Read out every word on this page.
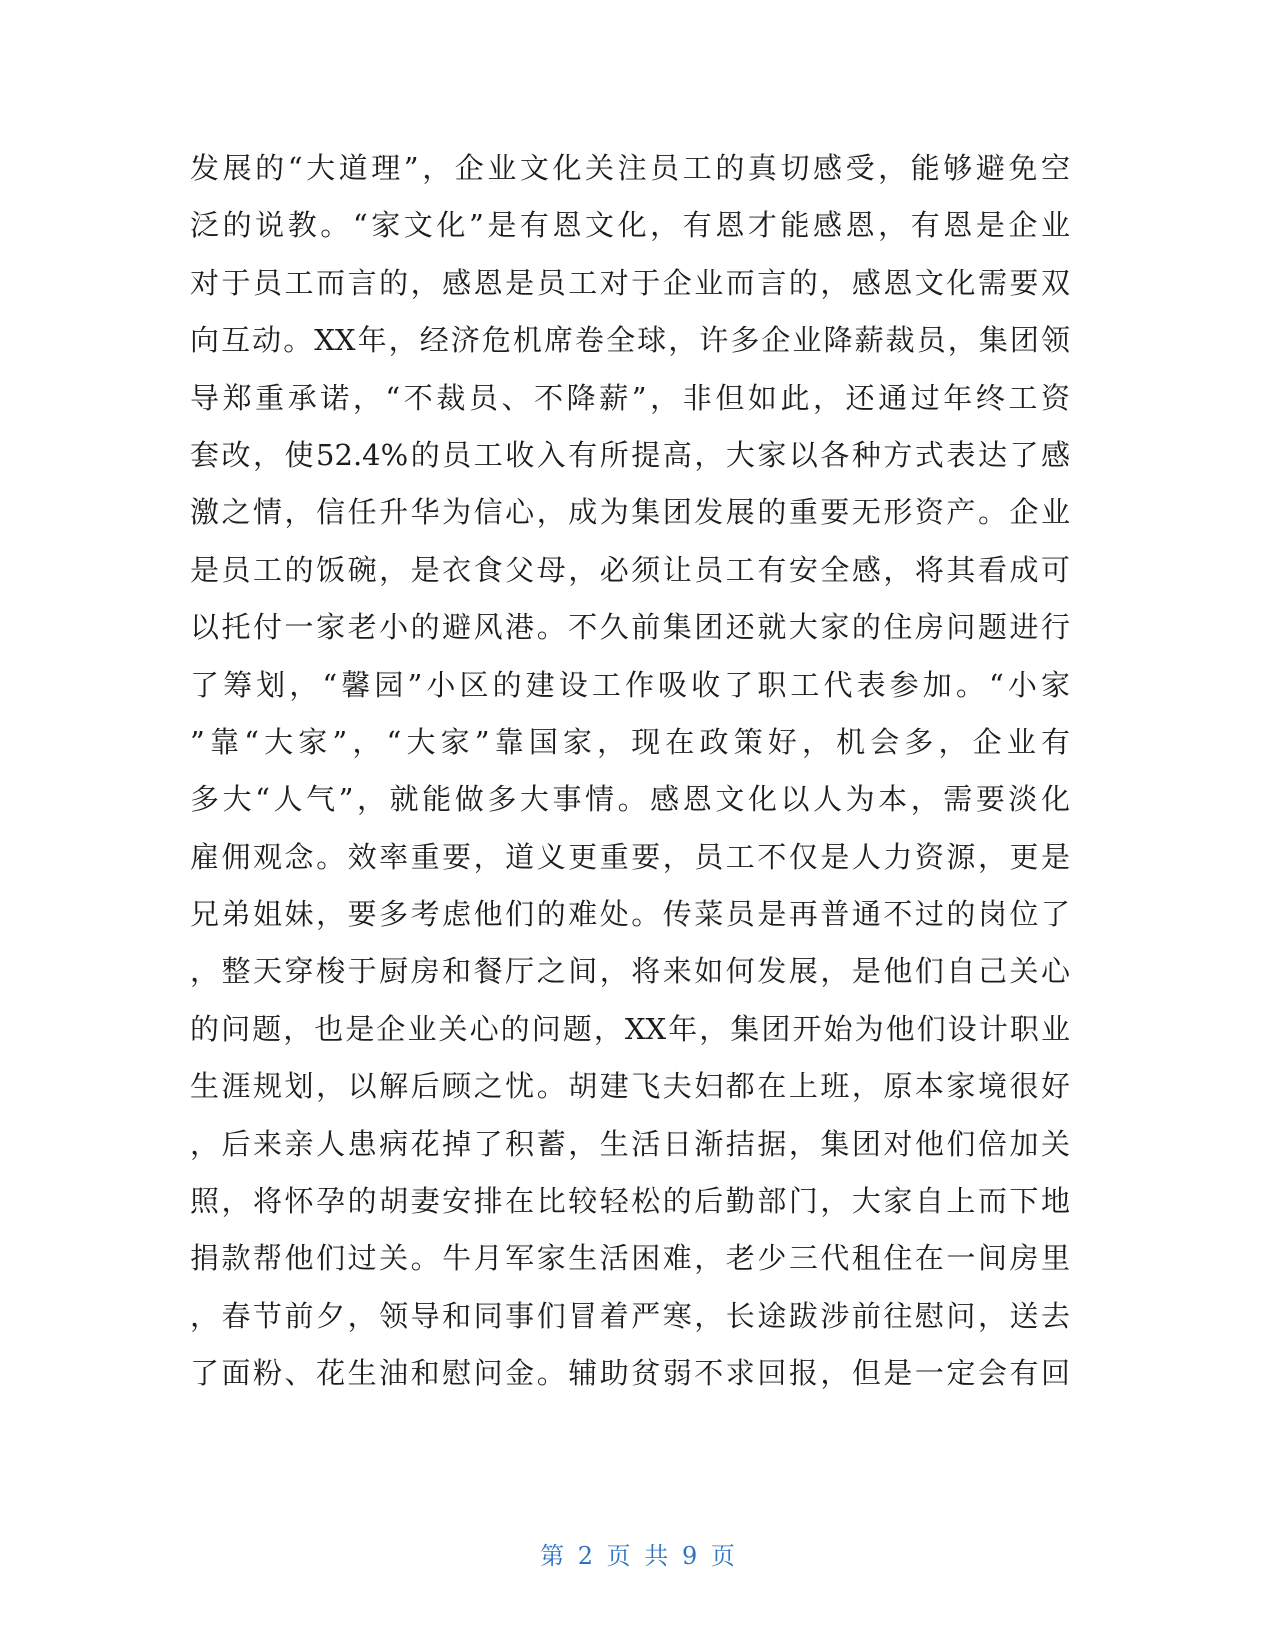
发展的“大道理”，企业文化关注员工的真切感受，能够避免空
泛的说教。“家文化”是有恩文化，有恩才能感恩，有恩是企业
对于员工而言的，感恩是员工对于企业而言的，感恩文化需要双
向互动。XX年，经济危机席卷全球，许多企业降薪裁员，集团领
导郑重承诺，“不裁员、不降薪”，非但如此，还通过年终工资
套改，使52.4%的员工收入有所提高，大家以各种方式表达了感
激之情，信任升华为信心，成为集团发展的重要无形资产。企业
是员工的饭碗，是衣食父母，必须让员工有安全感，将其看成可
以托付一家老小的避风港。不久前集团还就大家的住房问题进行
了筹划，“馨园”小区的建设工作吸收了职工代表参加。“小家
”靠“大家”，“大家”靠国家，现在政策好，机会多，企业有
多大“人气”，就能做多大事情。感恩文化以人为本，需要淡化
雇佣观念。效率重要，道义更重要，员工不仅是人力资源，更是
兄弟姐妹，要多考虑他们的难处。传菜员是再普通不过的岗位了
，整天穿梭于厨房和餐厅之间，将来如何发展，是他们自己关心
的问题，也是企业关心的问题，XX年，集团开始为他们设计职业
生涯规划，以解后顾之忧。胡建飞夫妇都在上班，原本家境很好
，后来亲人患病花掉了积蓄，生活日渐拮据，集团对他们倍加关
照，将怀孕的胡妻安排在比较轻松的后勤部门，大家自上而下地
捐款帮他们过关。牛月军家生活困难，老少三代租住在一间房里
，春节前夕，领导和同事们冒着严寒，长途跋涉前往慰问，送去
了面粉、花生油和慰问金。辅助贫弱不求回报，但是一定会有回
第 2 页 共 9 页
